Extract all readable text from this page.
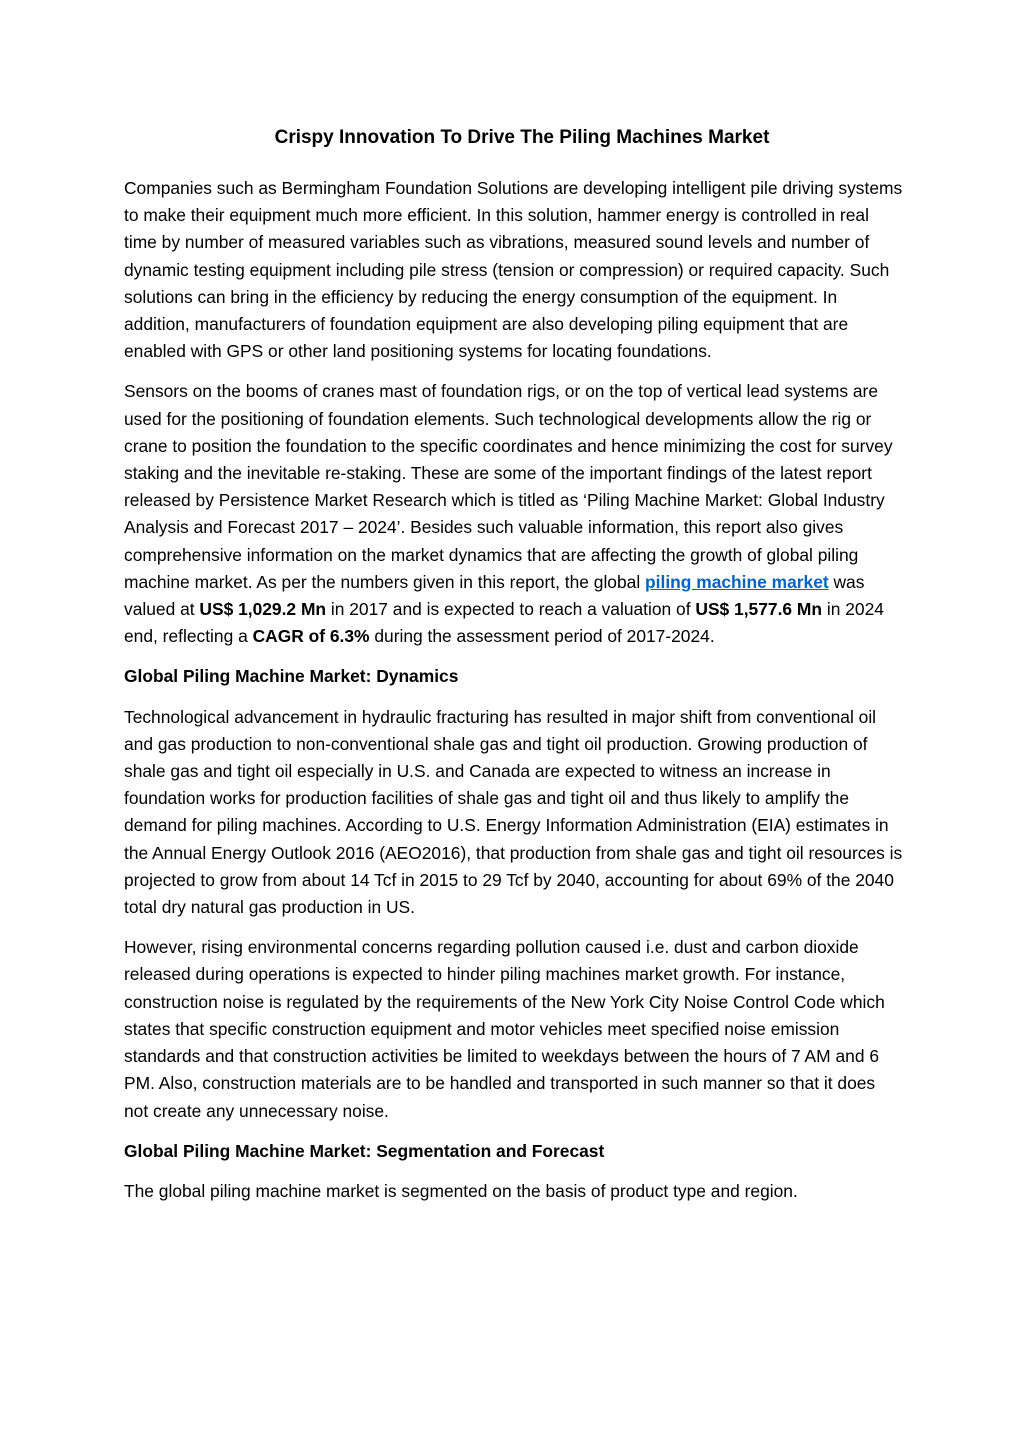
Crispy Innovation To Drive The Piling Machines Market

Companies such as Bermingham Foundation Solutions are developing intelligent pile driving systems to make their equipment much more efficient. In this solution, hammer energy is controlled in real time by number of measured variables such as vibrations, measured sound levels and number of dynamic testing equipment including pile stress (tension or compression) or required capacity. Such solutions can bring in the efficiency by reducing the energy consumption of the equipment. In addition, manufacturers of foundation equipment are also developing piling equipment that are enabled with GPS or other land positioning systems for locating foundations.

Sensors on the booms of cranes mast of foundation rigs, or on the top of vertical lead systems are used for the positioning of foundation elements. Such technological developments allow the rig or crane to position the foundation to the specific coordinates and hence minimizing the cost for survey staking and the inevitable re-staking. These are some of the important findings of the latest report released by Persistence Market Research which is titled as ‘Piling Machine Market: Global Industry Analysis and Forecast 2017 – 2024’. Besides such valuable information, this report also gives comprehensive information on the market dynamics that are affecting the growth of global piling machine market. As per the numbers given in this report, the global piling machine market was valued at US$ 1,029.2 Mn in 2017 and is expected to reach a valuation of US$ 1,577.6 Mn in 2024 end, reflecting a CAGR of 6.3% during the assessment period of 2017-2024.

Global Piling Machine Market: Dynamics

Technological advancement in hydraulic fracturing has resulted in major shift from conventional oil and gas production to non-conventional shale gas and tight oil production. Growing production of shale gas and tight oil especially in U.S. and Canada are expected to witness an increase in foundation works for production facilities of shale gas and tight oil and thus likely to amplify the demand for piling machines. According to U.S. Energy Information Administration (EIA) estimates in the Annual Energy Outlook 2016 (AEO2016), that production from shale gas and tight oil resources is projected to grow from about 14 Tcf in 2015 to 29 Tcf by 2040, accounting for about 69% of the 2040 total dry natural gas production in US.

However, rising environmental concerns regarding pollution caused i.e. dust and carbon dioxide released during operations is expected to hinder piling machines market growth. For instance, construction noise is regulated by the requirements of the New York City Noise Control Code which states that specific construction equipment and motor vehicles meet specified noise emission standards and that construction activities be limited to weekdays between the hours of 7 AM and 6 PM. Also, construction materials are to be handled and transported in such manner so that it does not create any unnecessary noise.

Global Piling Machine Market: Segmentation and Forecast

The global piling machine market is segmented on the basis of product type and region.
